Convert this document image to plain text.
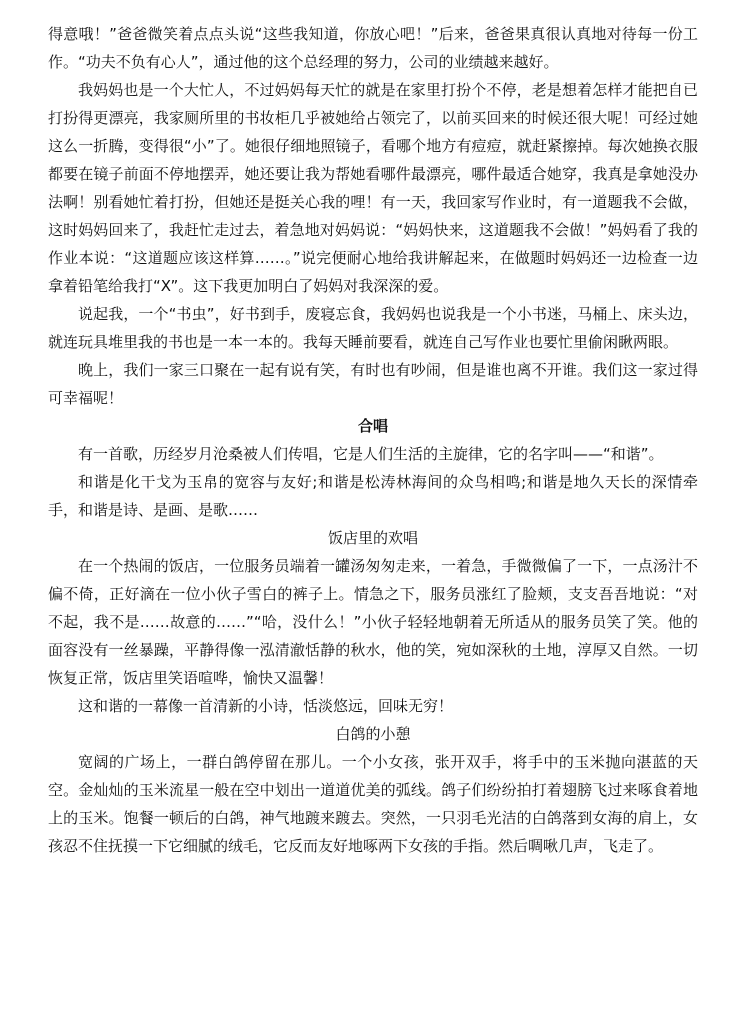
得意哦！”爸爸微笑着点点头说“这些我知道，你放心吧！”后来，爸爸果真很认真地对待每一份工作。“功夫不负有心人”，通过他的这个总经理的努力，公司的业绩越来越好。

我妈妈也是一个大忙人，不过妈妈每天忙的就是在家里打扮个不停，老是想着怎样才能把自已打扮得更漂亮，我家厕所里的书妆柜几乎被她给占领完了，以前买回来的时候还很大呢！可经过她这么一折腾，变得很“小”了。她很仔细地照镜子，看哪个地方有痘痘，就赶紧擦掉。每次她换衣服都要在镜子前面不停地摆弄，她还要让我为帮她看哪件最漂亮，哪件最适合她穿，我真是拿她没办法啊！别看她忙着打扮，但她还是挺关心我的哩！有一天，我回家写作业时，有一道题我不会做，这时妈妈回来了，我赶忙走过去，着急地对妈妈说：“妈妈快来，这道题我不会做！”妈妈看了我的作业本说：“这道题应该这样算……。”说完便耐心地给我讲解起来，在做题时妈妈还一边检查一边拿着铅笔给我打“X”。这下我更加明白了妈妈对我深深的爱。

说起我，一个“书虫”，好书到手，废寝忘食，我妈妈也说我是一个小书迷，马桶上、床头边，就连玩具堆里我的书也是一本一本的。我每天睡前要看，就连自己写作业也要忙里偷闲瞅两眼。

晚上，我们一家三口聚在一起有说有笑，有时也有吵闹，但是谁也离不开谁。我们这一家过得可幸福呢！

合唱

有一首歌，历经岁月沧桑被人们传唱，它是人们生活的主旋律，它的名字叫——“和谐”。

和谐是化干戈为玉帛的宽容与友好;和谐是松涛林海间的众鸟相鸣;和谐是地久天长的深情牵手，和谐是诗、是画、是歌……

饭店里的欢唱

在一个热闹的饭店，一位服务员端着一罐汤匆匆走来，一着急，手微微偏了一下，一点汤汁不偏不倚，正好滴在一位小伙子雪白的裤子上。情急之下，服务员涨红了脸颊，支支吾吾地说：“对不起，我不是……故意的……”“哈，没什么！”小伙子轻轻地朝着无所适从的服务员笑了笑。他的面容没有一丝暴躁，平静得像一泓清澈恬静的秋水，他的笑，宛如深秋的土地，淳厚又自然。一切恢复正常，饭店里笑语喧哗，愉快又温馨！

这和谐的一幕像一首清新的小诗，恬淡悠远，回味无穷！

白鸽的小憩

宽阔的广场上，一群白鸽停留在那儿。一个小女孩，张开双手，将手中的玉米抛向湛蓝的天空。金灿灿的玉米流星一般在空中划出一道道优美的弧线。鸽子们纷纷拍打着翅膀飞过来啄食着地上的玉米。饱餐一顿后的白鸽，神气地踱来踱去。突然，一只羽毛光洁的白鸽落到女海的肩上，女孩忍不住抚摸一下它细腻的绒毛，它反而友好地啄两下女孩的手指。然后啁啾几声，飞走了。
